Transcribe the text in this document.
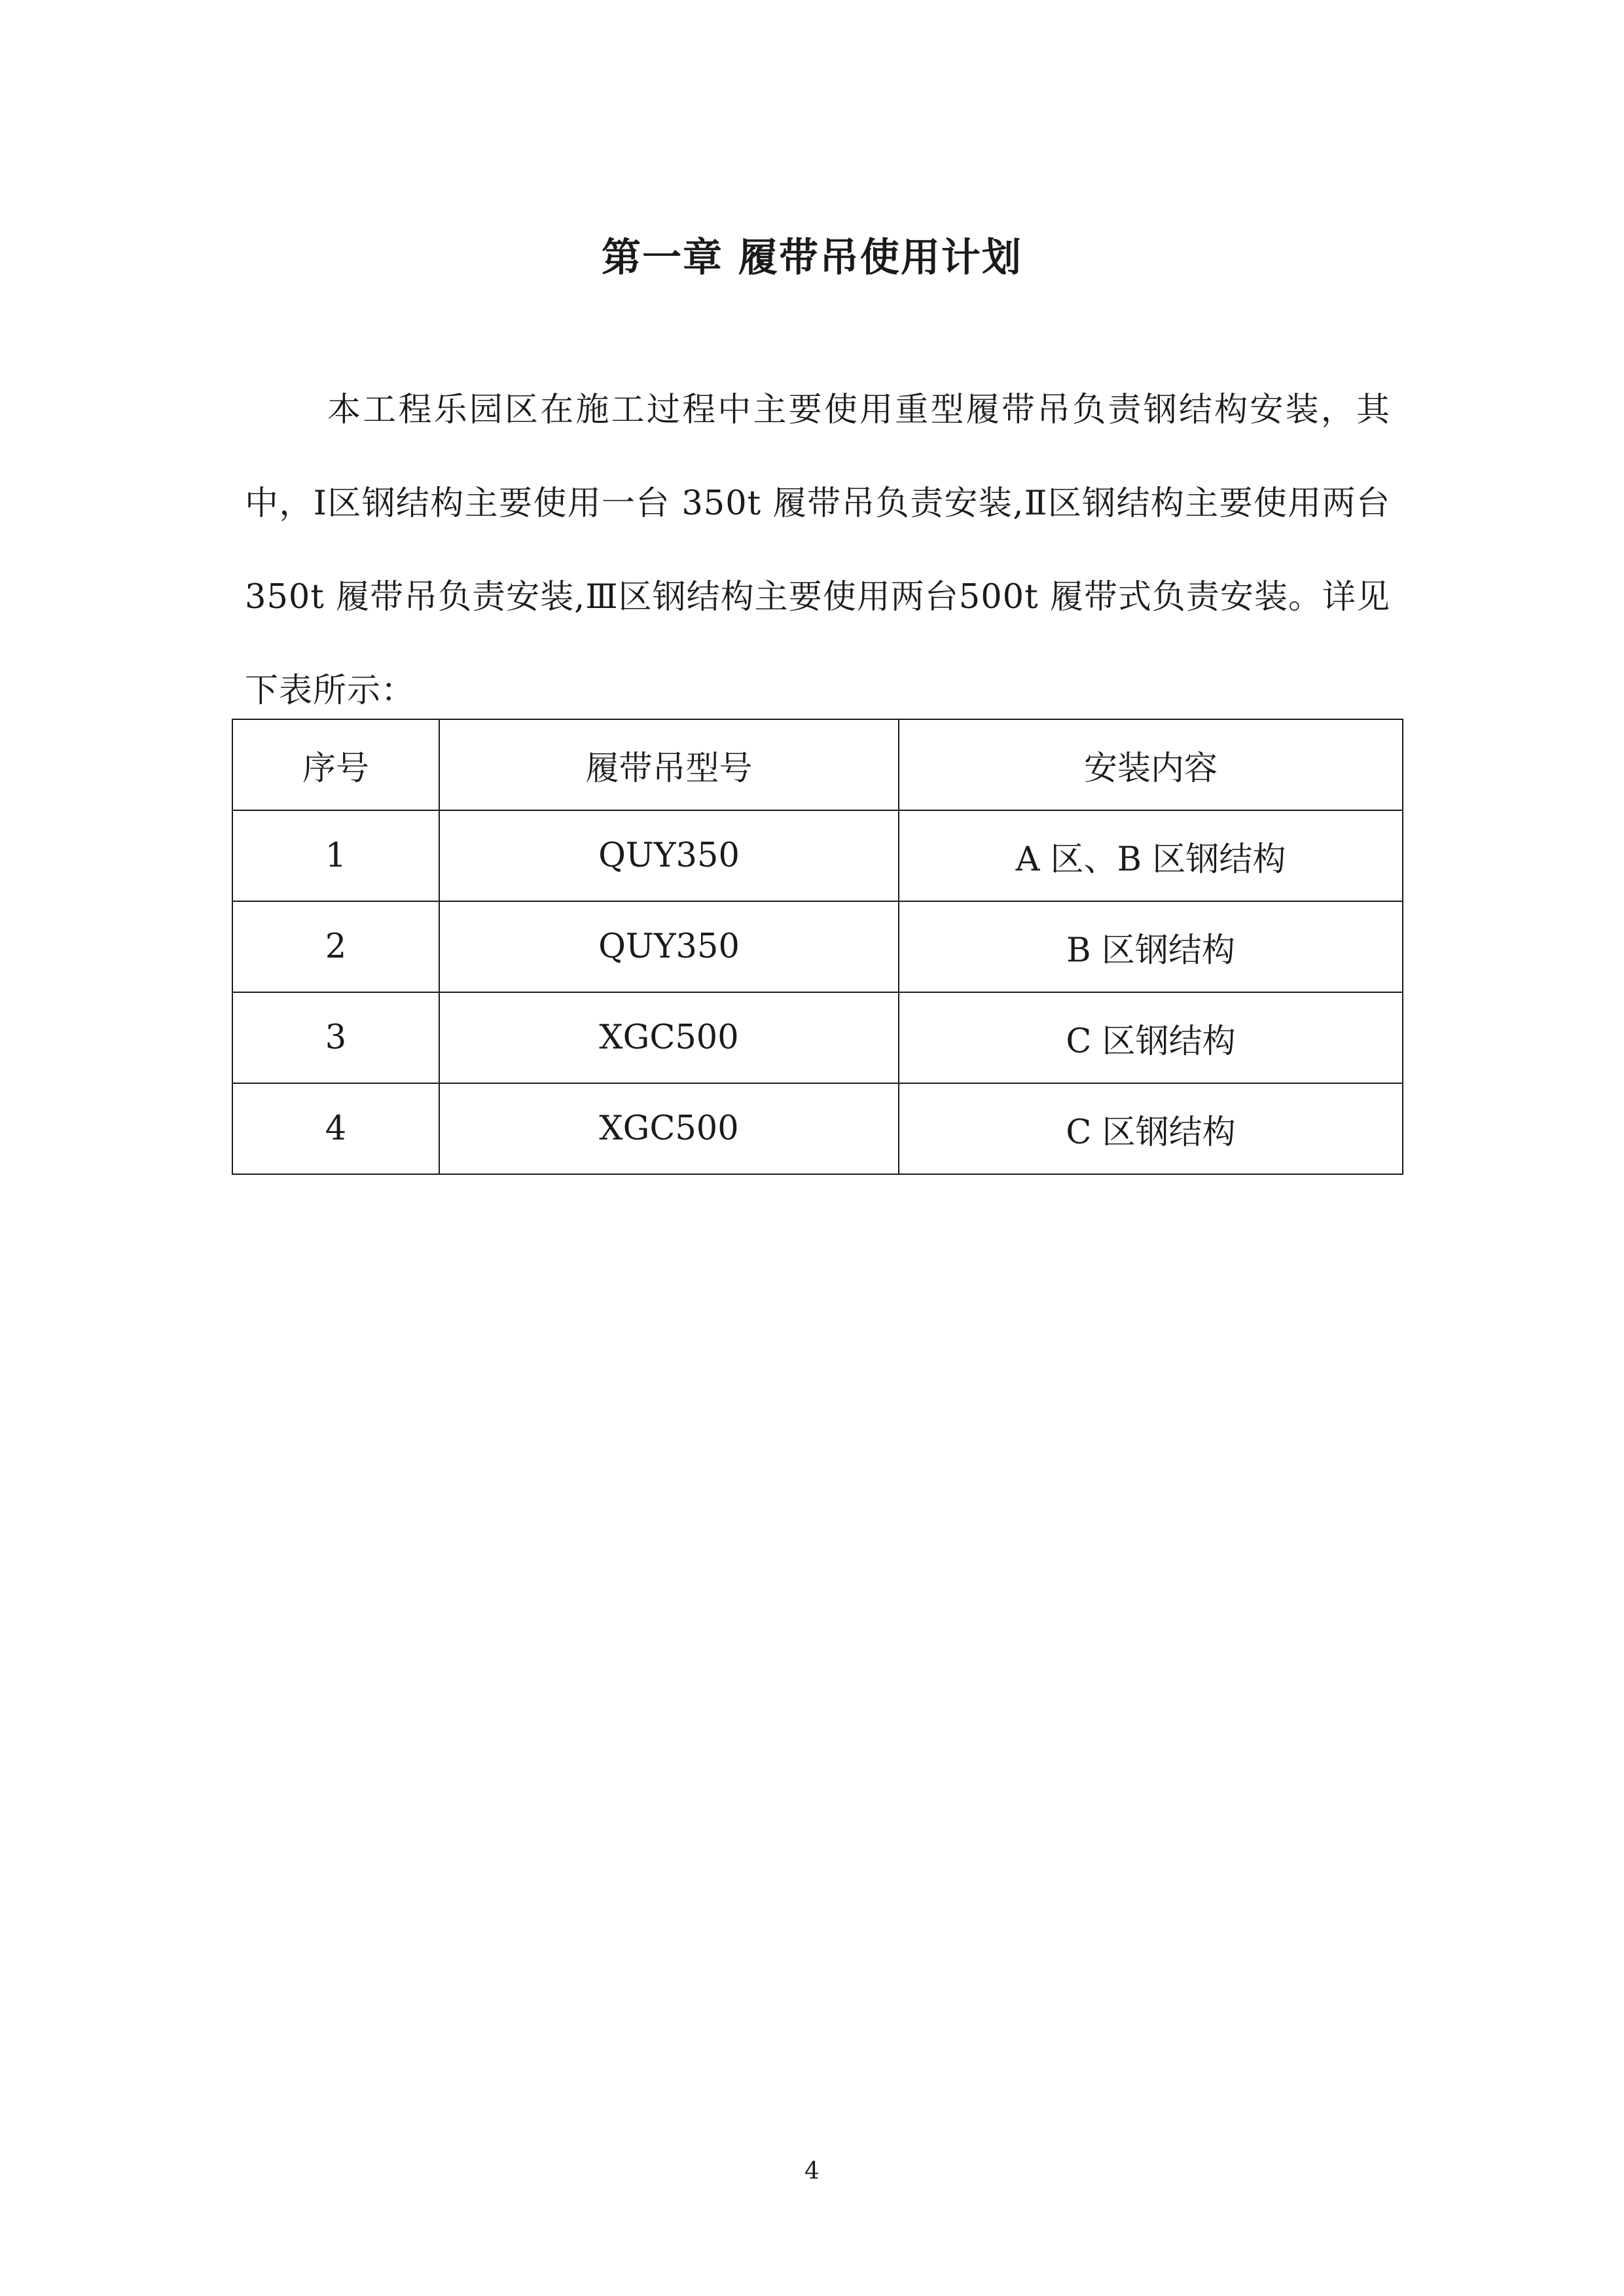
第一章 履带吊使用计划

本工程乐园区在施工过程中主要使用重型履带吊负责钢结构安装，其中，Ⅰ区钢结构主要使用一台 350t 履带吊负责安装,Ⅱ区钢结构主要使用两台 350t 履带吊负责安装,Ⅲ区钢结构主要使用两台500t 履带式负责安装。详见下表所示：

序号	履带吊型号	安装内容
1	QUY350	A 区、B 区钢结构
2	QUY350	B 区钢结构
3	XGC500	C 区钢结构
4	XGC500	C 区钢结构
4
